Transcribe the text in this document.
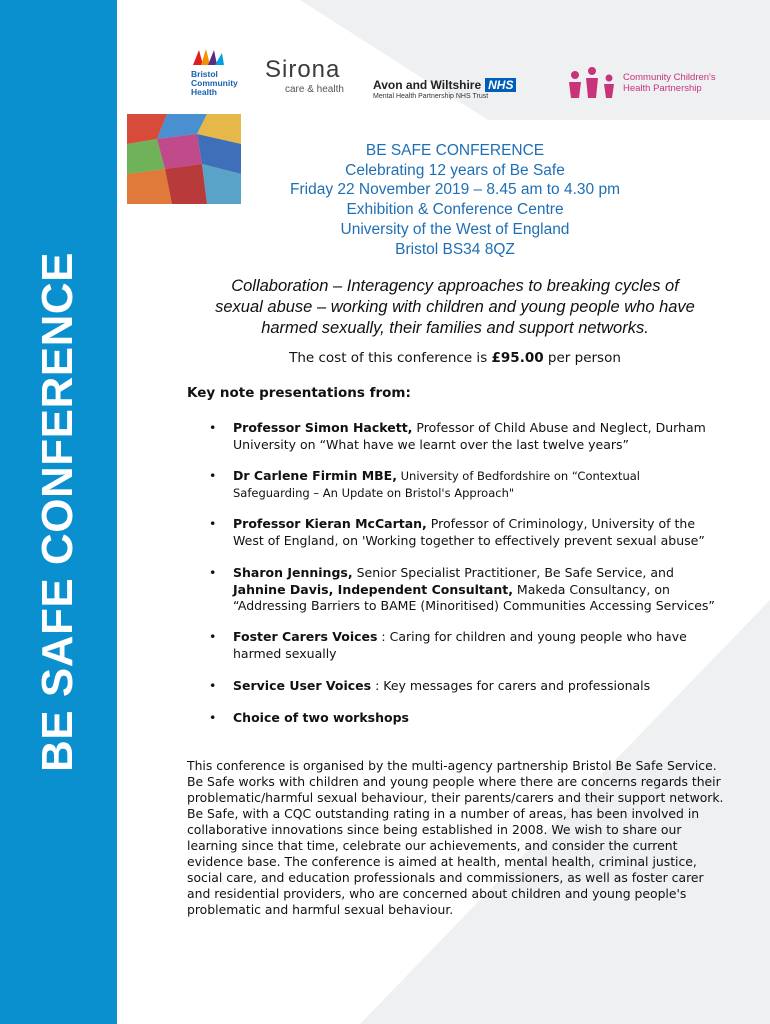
BE SAFE CONFERENCE
Bristol
Community
Health
Sirona
care & health	Avon and Wiltshire NHS
Mental Health Partnership NHS Trust
Community Children's
Health Partnership
BE SAFE CONFERENCE
Celebrating 12 years of Be Safe
Friday 22 November 2019 – 8.45 am to 4.30 pm
Exhibition & Conference Centre
University of the West of England
Bristol BS34 8QZ
Collaboration – Interagency approaches to breaking cycles of
sexual abuse – working with children and young people who have
harmed sexually, their families and support networks.
The cost of this conference is £95.00 per person
Key note presentations from:
• Professor Simon Hackett, Professor of Child Abuse and Neglect, Durham
University on “What have we learnt over the last twelve years”
• Dr Carlene Firmin MBE, University of Bedfordshire on “Contextual
Safeguarding – An Update on Bristol's Approach"
• Professor Kieran McCartan, Professor of Criminology, University of the
West of England, on 'Working together to effectively prevent sexual abuse”
• Sharon Jennings, Senior Specialist Practitioner, Be Safe Service, and
Jahnine Davis, Independent Consultant, Makeda Consultancy, on
“Addressing Barriers to BAME (Minoritised) Communities Accessing Services”
• Foster Carers Voices : Caring for children and young people who have
harmed sexually
• Service User Voices : Key messages for carers and professionals
• Choice of two workshops
This conference is organised by the multi-agency partnership Bristol Be Safe Service. Be Safe works with children and young people where there are concerns regards their problematic/harmful sexual behaviour, their parents/carers and their support network. Be Safe, with a CQC outstanding rating in a number of areas, has been involved in collaborative innovations since being established in 2008. We wish to share our learning since that time, celebrate our achievements, and consider the current evidence base. The conference is aimed at health, mental health, criminal justice, social care, and education professionals and commissioners, as well as foster carer and residential providers, who are concerned about children and young people's problematic and harmful sexual behaviour.
